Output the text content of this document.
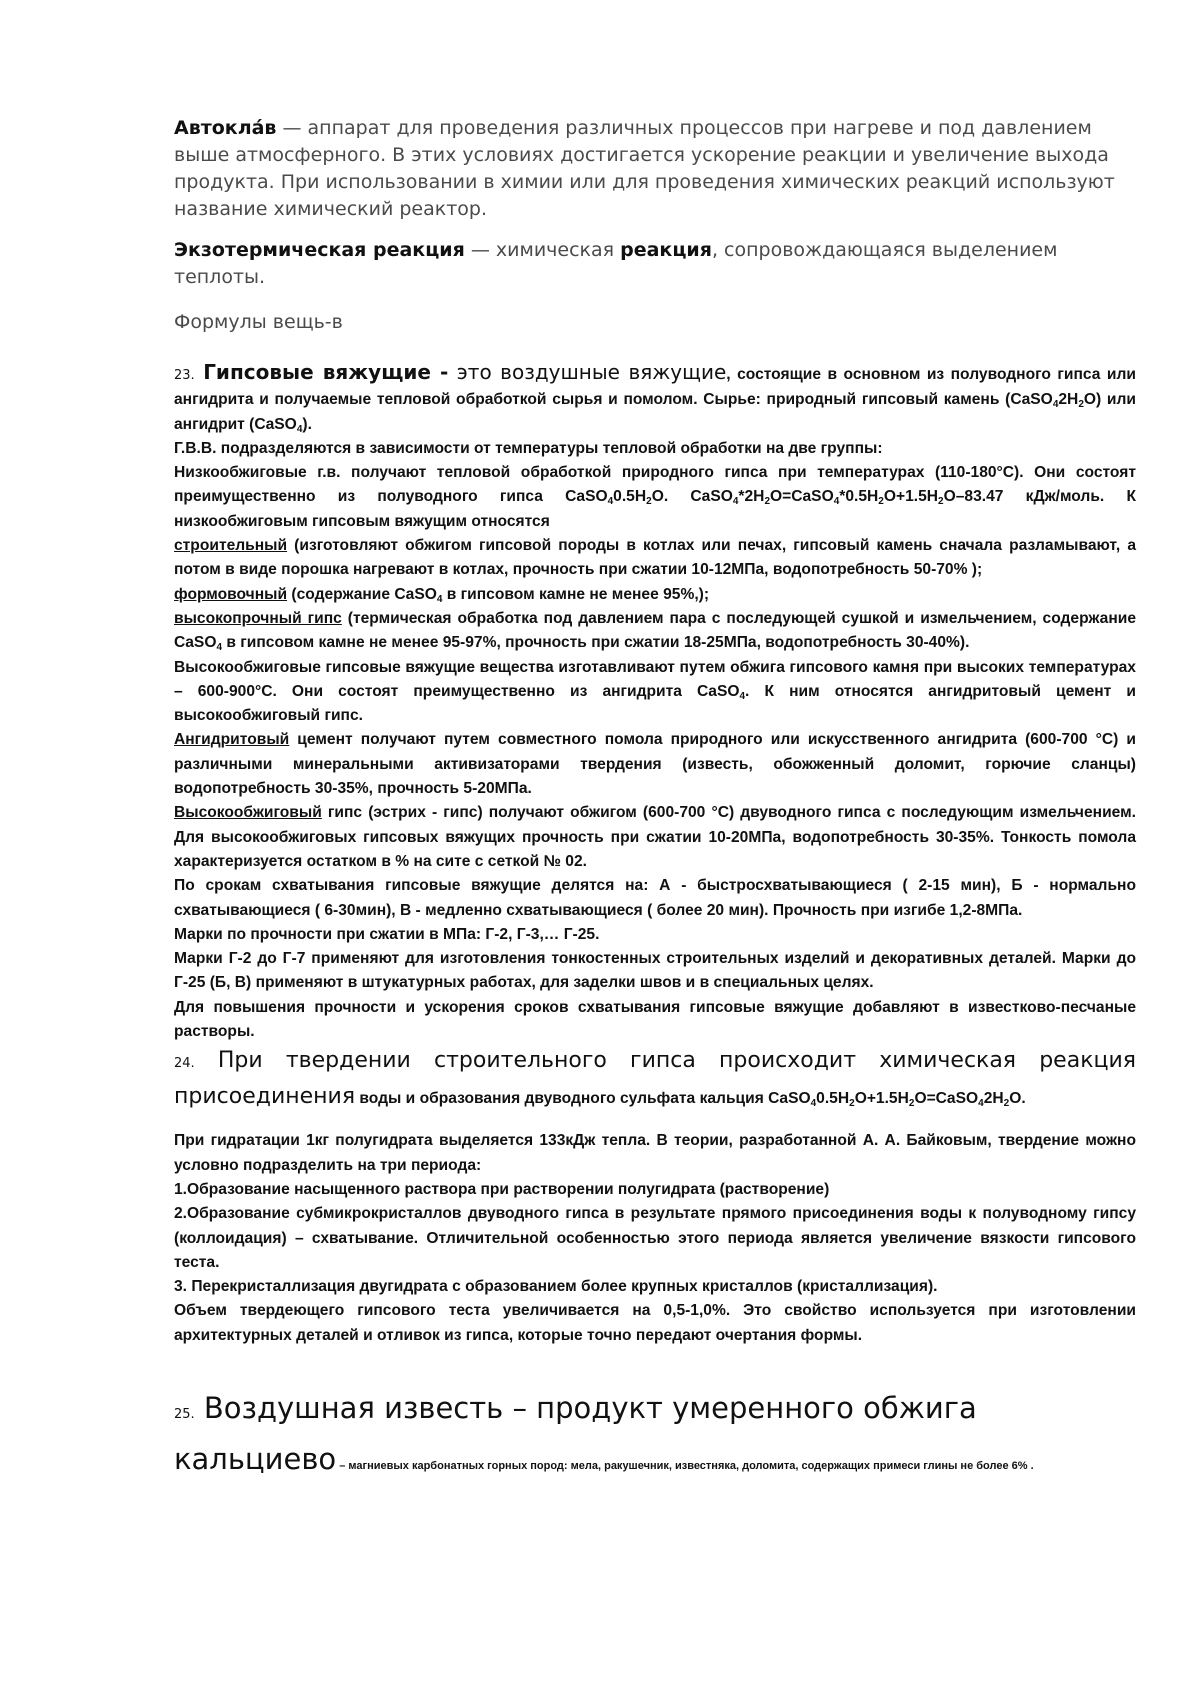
Автокла́в — аппарат для проведения различных процессов при нагреве и под давлением выше атмосферного. В этих условиях достигается ускорение реакции и увеличение выхода продукта. При использовании в химии или для проведения химических реакций используют название химический реактор.

Экзотермическая реакция — химическая реакция, сопровождающаяся выделением теплоты.

Формулы вещь-в

23. Гипсовые вяжущие - это воздушные вяжущие, состоящие в основном из полуводного гипса или ангидрита и получаемые тепловой обработкой сырья и помолом. Сырье: природный гипсовый камень $(CaSO_42H_2O)$ или ангидрит (CaSO$_4$).

Г.В.В. подразделяются в зависимости от температуры тепловой обработки на две группы:

Низкообжиговые г.в. получают тепловой обработкой природного гипса при температурах (110-180°С). Они состоят преимущественно из полуводного гипса $CaSO_40.5H_2O$. $CaSO_4*2H_2O=CaSO_4*0.5H_2O+1.5H_2O-83.47$ кДж/моль. К низкообжиговым гипсовым вяжущим относятся

строительный (изготовляют обжигом гипсовой породы в котлах или печах, гипсовый камень сначала разламывают, а потом в виде порошка нагревают в котлах, прочность при сжатии 10-12МПа, водопотребность 50-70% );

формовочный (содержание CaSO$_4$ в гипсовом камне не менее 95%,);

высокопрочный гипс (термическая обработка под давлением пара с последующей сушкой и измельчением, содержание CaSO$_4$ в гипсовом камне не менее 95-97%, прочность при сжатии 18-25МПа, водопотребность 30-40%).

Высокообжиговые гипсовые вяжущие вещества изготавливают путем обжига гипсового камня при высоких температурах – 600-900°С. Они состоят преимущественно из ангидрита CaSO$_4$. К ним относятся ангидритовый цемент и высокообжиговый гипс.

Ангидритовый цемент получают путем совместного помола природного или искусственного ангидрита (600-700 °С) и различными минеральными активизаторами твердения (известь, обожженный доломит, горючие сланцы) водопотребность 30-35%, прочность 5-20МПа.

Высокообжиговый гипс (эстрих - гипс) получают обжигом (600-700 °С) двуводного гипса с последующим измельчением. Для высокообжиговых гипсовых вяжущих прочность при сжатии 10-20МПа, водопотребность 30-35%. Тонкость помола характеризуется остатком в % на сите с сеткой № 02.

По срокам схватывания гипсовые вяжущие делятся на: А - быстросхватывающиеся ( 2-15 мин), Б - нормально схватывающиеся ( 6-30мин), В - медленно схватывающиеся ( более 20 мин). Прочность при изгибе 1,2-8МПа.

Марки по прочности при сжатии в МПа: Г-2, Г-3,… Г-25.

Марки Г-2 до Г-7 применяют для изготовления тонкостенных строительных изделий и декоративных деталей. Марки до Г-25 (Б, В) применяют в штукатурных работах, для заделки швов и в специальных целях.

Для повышения прочности и ускорения сроков схватывания гипсовые вяжущие добавляют в известково-песчаные растворы.

24. При твердении строительного гипса происходит химическая реакция присоединения воды и образования двуводного сульфата кальция $CaSO_40.5H_2O+1.5H_2O=CaSO_42H_2O$.

При гидратации 1кг полугидрата выделяется 133кДж тепла. В теории, разработанной А. А. Байковым, твердение можно условно подразделить на три периода:

1.Образование насыщенного раствора при растворении полугидрата (растворение)

2.Образование субмикрокристаллов двуводного гипса в результате прямого присоединения воды к полуводному гипсу (коллоидация) – схватывание. Отличительной особенностью этого периода является увеличение вязкости гипсового теста.

3. Перекристаллизация двугидрата с образованием более крупных кристаллов (кристаллизация).

Объем твердеющего гипсового теста увеличивается на 0,5-1,0%. Это свойство используется при изготовлении архитектурных деталей и отливок из гипса, которые точно передают очертания формы.

25. Воздушная известь – продукт умеренного обжига кальциево – магниевых карбонатных горных пород: мела, ракушечник, известняка, доломита, содержащих примеси глины не более 6% .
